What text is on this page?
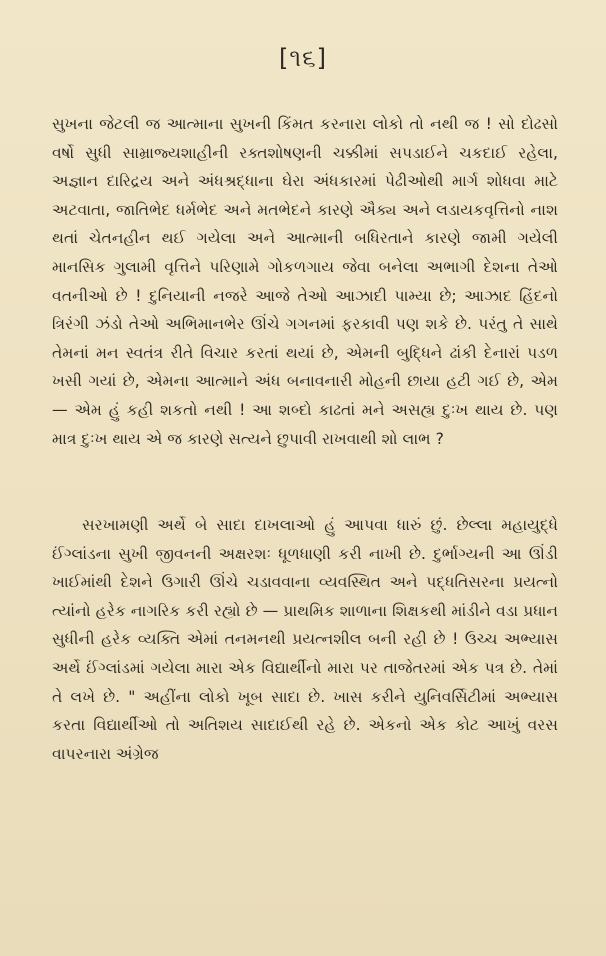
[૧૬]

સુખના જેટલી જ આત્માના સુખની કિંમત કરનારા લોકો તો નથી જ ! સો દોઢસો વર્ષો સુધી સામ્રાજ્યશાહીની રક્તશોષણની ચક્કીમાં સપડાઈને ચકદાઈ રહેલા, અજ્ઞાન દારિદ્રય અને અંધશ્રદ્ધાના ઘેરા અંધકારમાં પેઢીઓથી માર્ગ શોધવા માટે અટવાતા, જાતિભેદ ધર્મભેદ અને મતભેદને કારણે ઐક્ય અને લડાયકવૃત્તિનો નાશ થતાં ચેતનહીન થઈ ગયેલા અને આત્માની બધિરતાને કારણે જામી ગયેલી માનસિક ગુલામી વૃત્તિને પરિણામે ગોકળગાય જેવા બનેલા અભાગી દેશના તેઓ વતનીઓ છે ! દુનિયાની નજરે આજે તેઓ આઝાદી પામ્યા છે; આઝાદ હિંદનો ત્રિરંગી ઝંડો તેઓ અભિમાનભેર ઊંચે ગગનમાં ફરકાવી પણ શકે છે. પરંતુ તે સાથે તેમનાં મન સ્વતંત્ર રીતે વિચાર કરતાં થયાં છે, એમની બુદ્ધિને ઢાંકી દેનારાં પડળ ખસી ગયાં છે, એમના આત્માને અંધ બનાવનારી મોહની છાયા હટી ગઈ છે, એમ — એમ હું કહી શકતો નથી ! આ શબ્દો કાઢતાં મને અસહ્ય દુઃખ થાય છે. પણ માત્ર દુઃખ થાય એ જ કારણે સત્યને છુપાવી રાખવાથી શો લાભ ?

સરખામણી અર્થે બે સાદા દાખલાઓ હું આપવા ધારું છું. છેલ્લા મહાયુદ્ધે ઈંગ્લાંડના સુખી જીવનની અક્ષરશઃ ધૂળધાણી કરી નાખી છે. દુર્ભાગ્યની આ ઊંડી ખાઈમાંથી દેશને ઉગારી ઊંચે ચડાવવાના વ્યવસ્થિત અને પદ્ધતિસરના પ્રયત્નો ત્યાંનો હરેક નાગરિક કરી રહ્યો છે — પ્રાથમિક શાળાના શિક્ષકથી માંડીને વડા પ્રધાન સુધીની હરેક વ્યક્તિ એમાં તનમનથી પ્રયત્નશીલ બની રહી છે ! ઉચ્ચ અભ્યાસ અર્થે ઈંગ્લાંડમાં ગયેલા મારા એક વિદ્યાર્થીનો મારા પર તાજેતરમાં એક પત્ર છે. તેમાં તે લખે છે. " અહીંના લોકો ખૂબ સાદા છે. ખાસ કરીને યુનિવર્સિટીમાં અભ્યાસ કરતા વિદ્યાર્થીઓ તો અતિશય સાદાઈથી રહે છે. એકનો એક કોટ આખું વરસ વાપરનારા અંગ્રેજ
